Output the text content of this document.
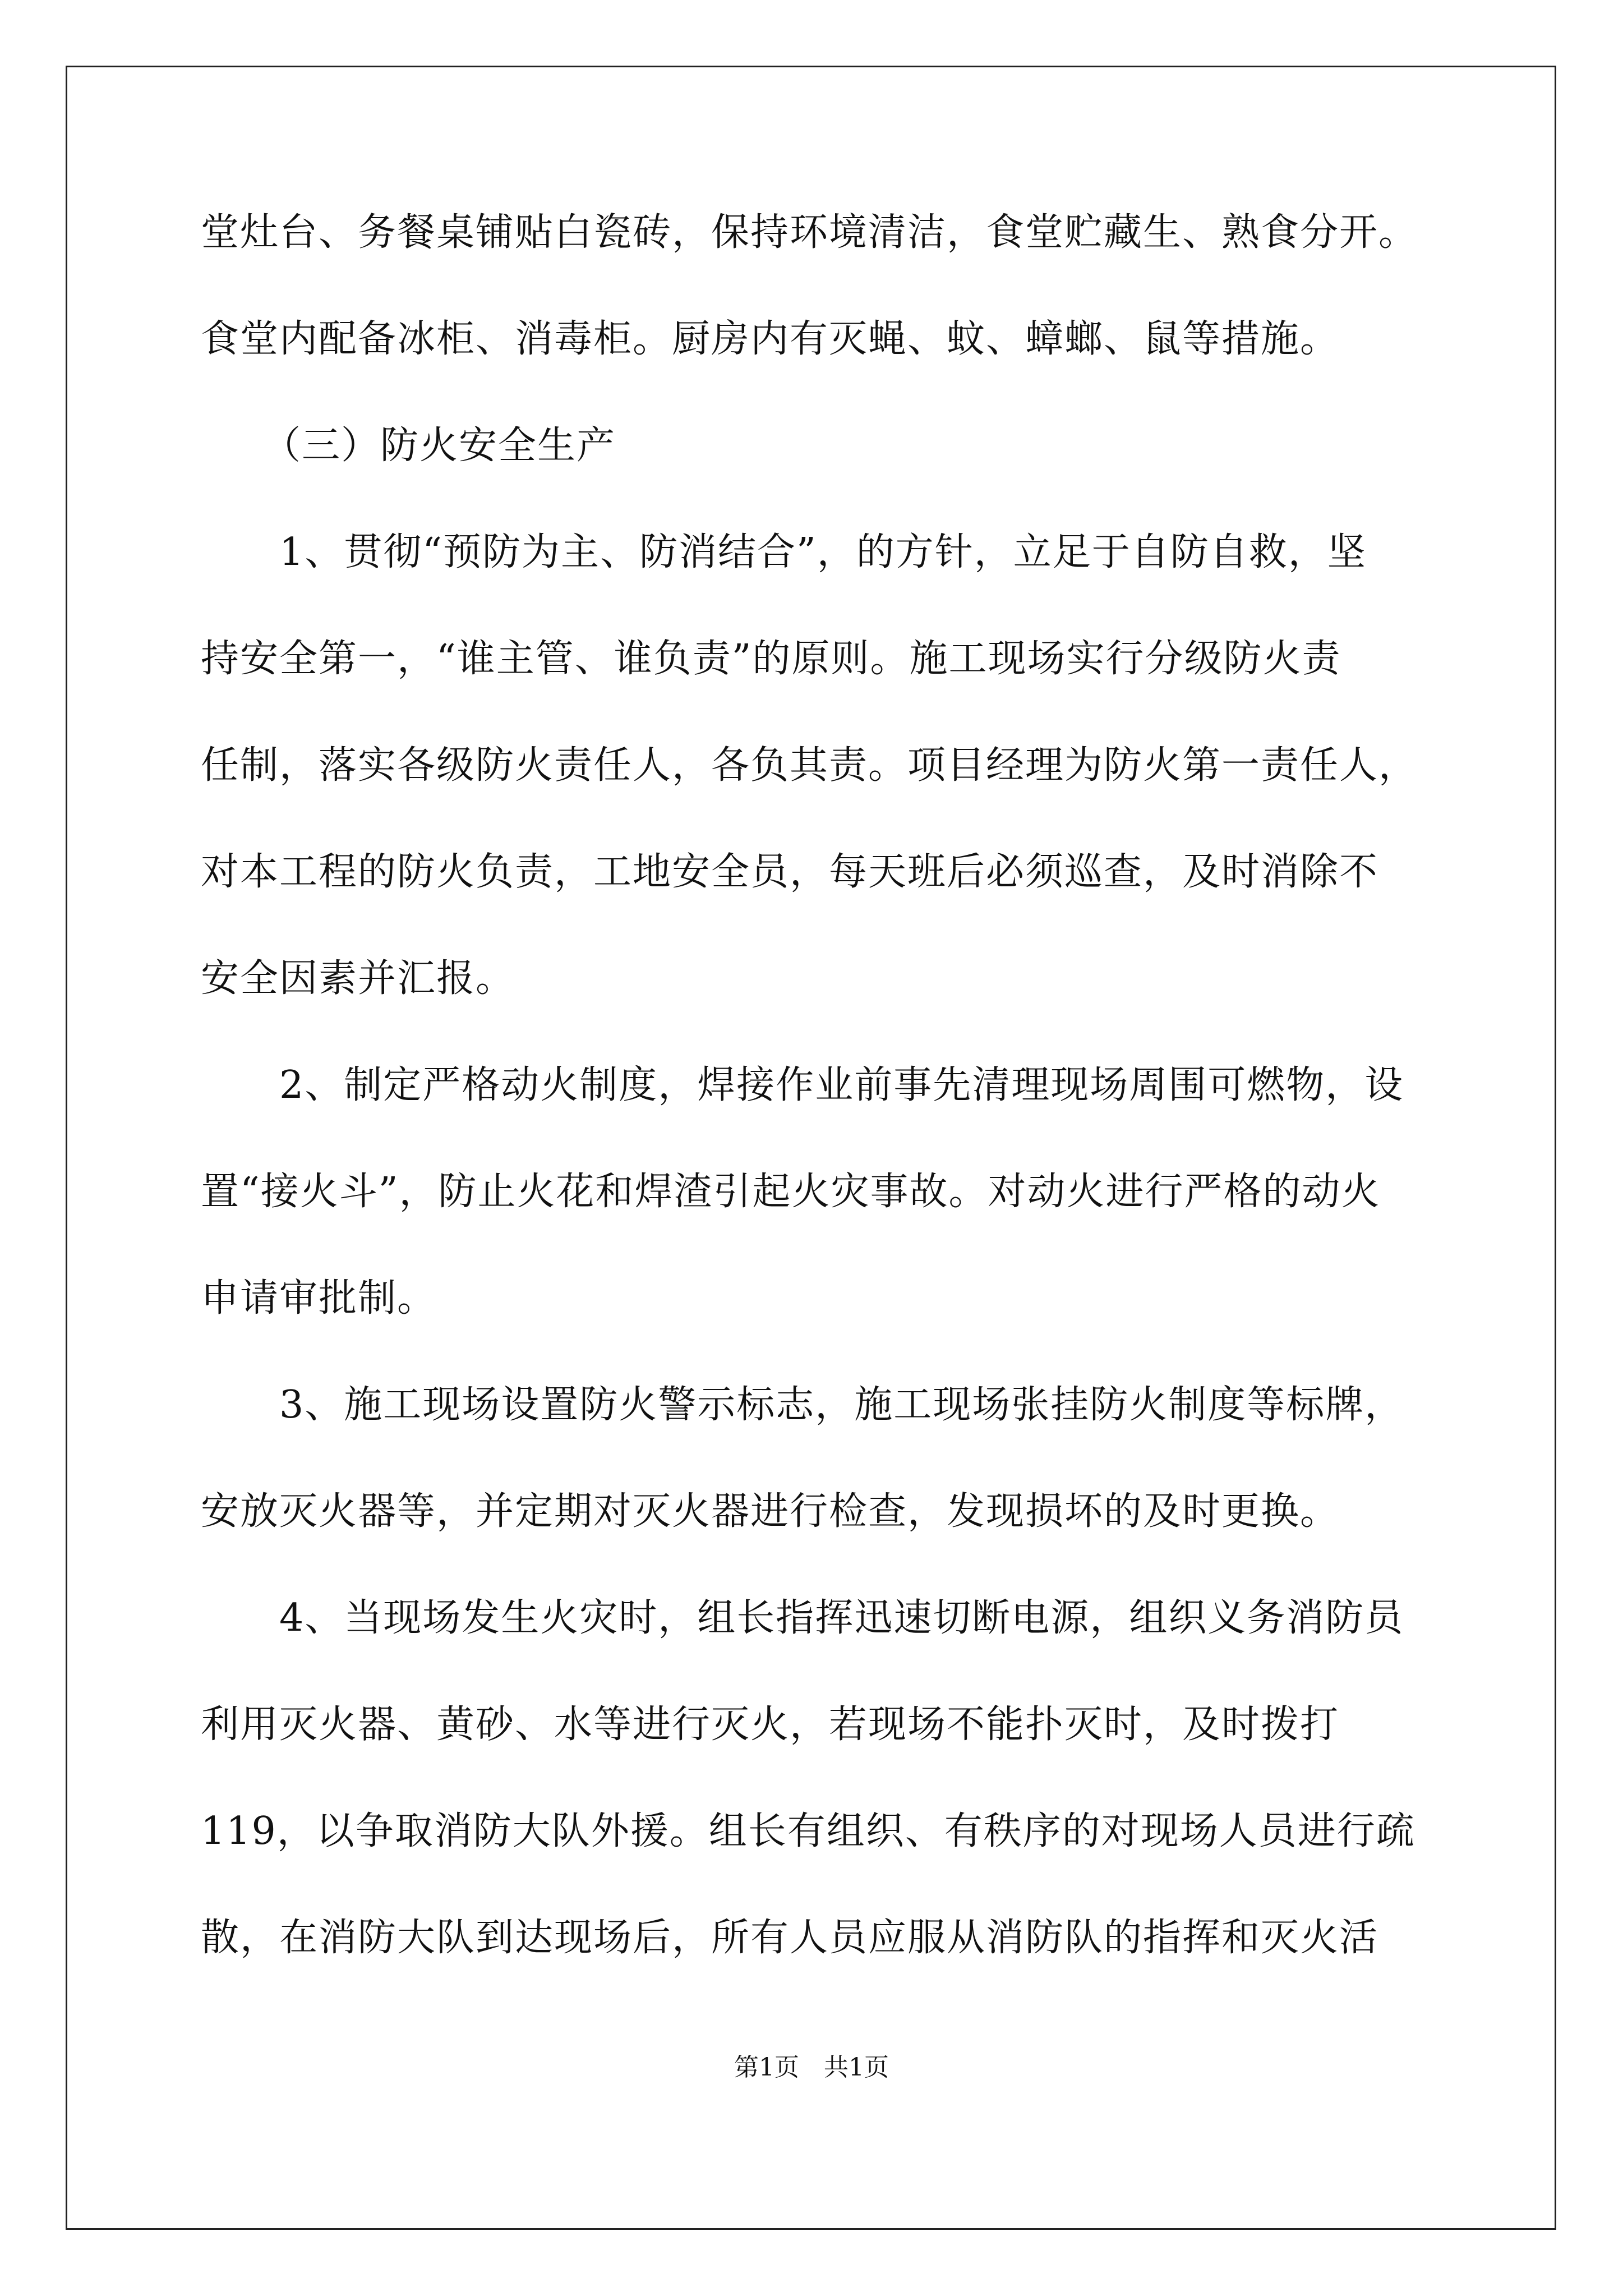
堂灶台、务餐桌铺贴白瓷砖，保持环境清洁，食堂贮藏生、熟食分开。
食堂内配备冰柜、消毒柜。厨房内有灭蝇、蚊、蟑螂、鼠等措施。
（三）防火安全生产
1、贯彻“预防为主、防消结合”，的方针，立足于自防自救，坚
持安全第一，“谁主管、谁负责”的原则。施工现场实行分级防火责
任制，落实各级防火责任人，各负其责。项目经理为防火第一责任人，
对本工程的防火负责，工地安全员，每天班后必须巡查，及时消除不
安全因素并汇报。
2、制定严格动火制度，焊接作业前事先清理现场周围可燃物，设
置“接火斗”，防止火花和焊渣引起火灾事故。对动火进行严格的动火
申请审批制。
3、施工现场设置防火警示标志，施工现场张挂防火制度等标牌，
安放灭火器等，并定期对灭火器进行检查，发现损坏的及时更换。
4、当现场发生火灾时，组长指挥迅速切断电源，组织义务消防员
利用灭火器、黄砂、水等进行灭火，若现场不能扑灭时，及时拨打
119，以争取消防大队外援。组长有组织、有秩序的对现场人员进行疏
散，在消防大队到达现场后，所有人员应服从消防队的指挥和灭火活
第1页　共1页
